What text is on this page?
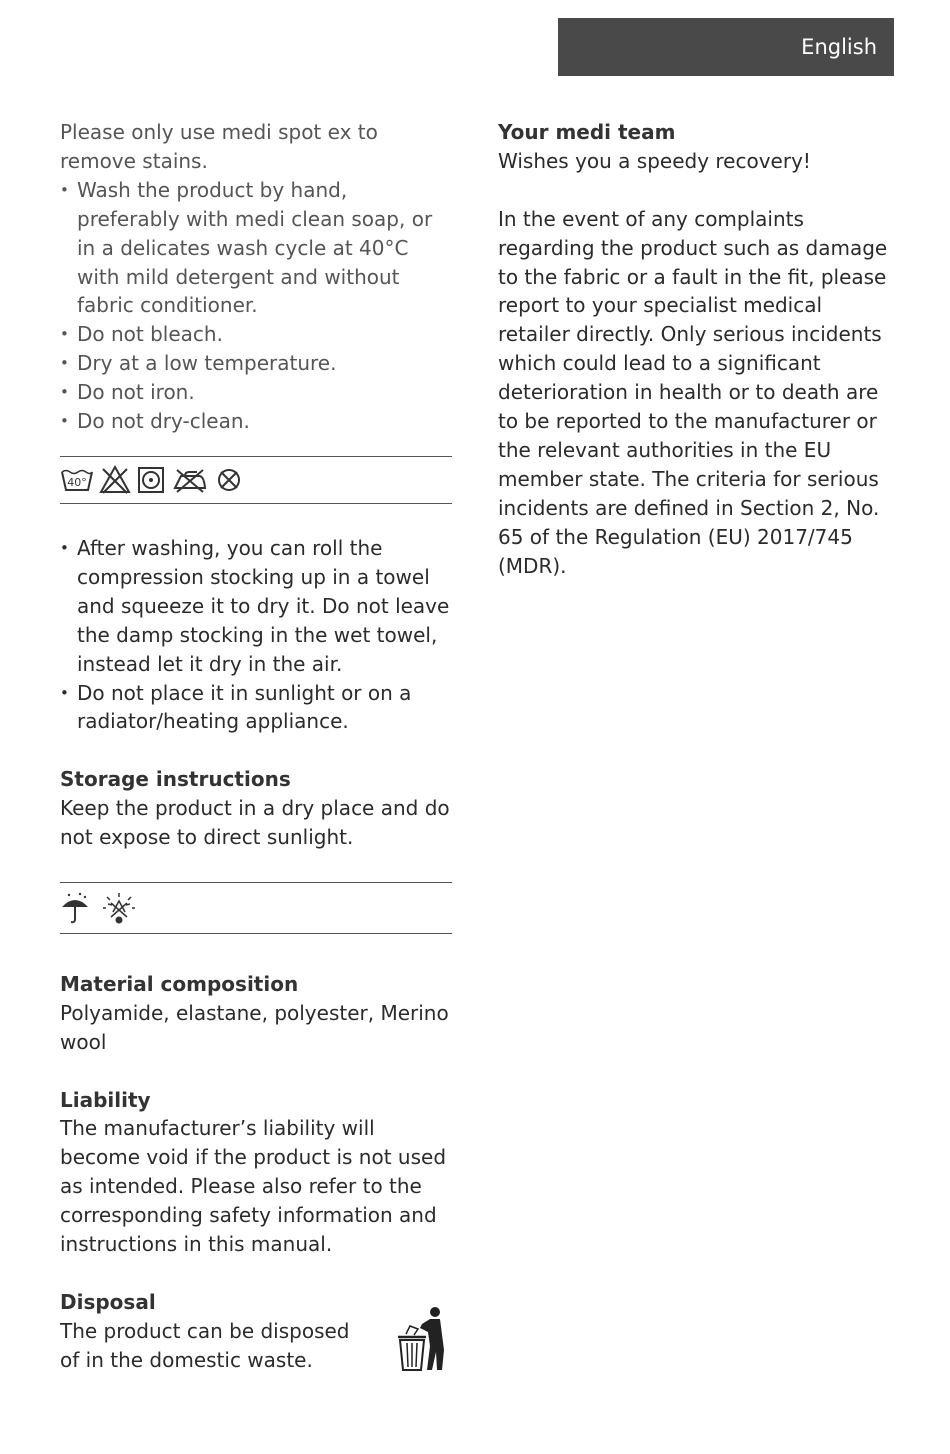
English

Please only use medi spot ex to remove stains.

• Wash the product by hand, preferably with medi clean soap, or in a delicates wash cycle at 40°C with mild detergent and without fabric conditioner.
• Do not bleach.
• Dry at a low temperature.
• Do not iron.
• Do not dry-clean.
40°
• After washing, you can roll the compression stocking up in a towel and squeeze it to dry it. Do not leave the damp stocking in the wet towel, instead let it dry in the air.
• Do not place it in sunlight or on a radiator/heating appliance.

Storage instructions

Keep the product in a dry place and do not expose to direct sunlight.

Material composition

Polyamide, elastane, polyester, Merino wool

Liability

The manufacturer’s liability will become void if the product is not used as intended. Please also refer to the corresponding safety information and instructions in this manual.

Disposal

The product can be disposed of in the domestic waste.

Your medi team

Wishes you a speedy recovery!

In the event of any complaints regarding the product such as damage to the fabric or a fault in the fit, please report to your specialist medical retailer directly. Only serious incidents which could lead to a significant deterioration in health or to death are to be reported to the manufacturer or the relevant authorities in the EU member state. The criteria for serious incidents are defined in Section 2, No. 65 of the Regulation (EU) 2017/745 (MDR).
